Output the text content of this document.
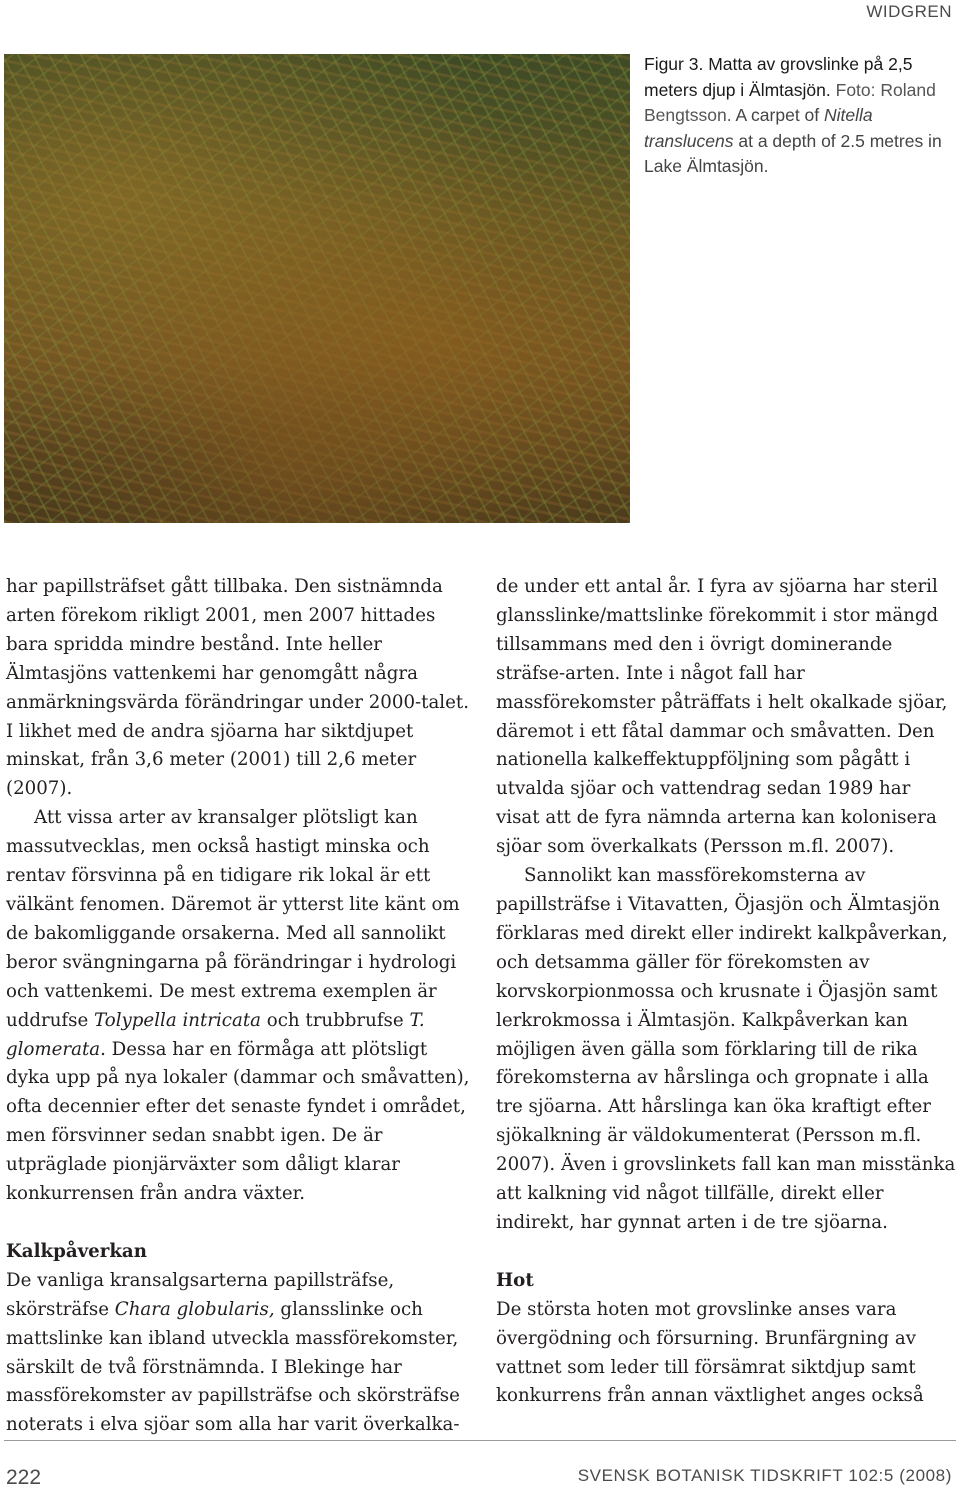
WIDGREN
Figur 3. Matta av grovslinke på 2,5 meters djup i Älmtasjön. Foto: Roland Bengtsson. A carpet of Nitella translucens at a depth of 2.5 metres in Lake Älmtasjön.

har papillsträfset gått tillbaka. Den sistnämnda arten förekom rikligt 2001, men 2007 hittades bara spridda mindre bestånd. Inte heller Älmtasjöns vattenkemi har genomgått några anmärkningsvärda förändringar under 2000-talet. I likhet med de andra sjöarna har siktdjupet minskat, från 3,6 meter (2001) till 2,6 meter (2007).

Att vissa arter av kransalger plötsligt kan massutvecklas, men också hastigt minska och rentav försvinna på en tidigare rik lokal är ett välkänt fenomen. Däremot är ytterst lite känt om de bakomliggande orsakerna. Med all sannolikt beror svängningarna på förändringar i hydrologi och vattenkemi. De mest extrema exemplen är uddrufse Tolypella intricata och trubbrufse T. glomerata. Dessa har en förmåga att plötsligt dyka upp på nya lokaler (dammar och småvatten), ofta decennier efter det senaste fyndet i området, men försvinner sedan snabbt igen. De är utpräglade pionjärväxter som dåligt klarar konkurrensen från andra växter.

Kalkpåverkan

De vanliga kransalgsarterna papillsträfse, skörsträfse Chara globularis, glansslinke och mattslinke kan ibland utveckla massförekomster, särskilt de två förstnämnda. I Blekinge har massförekomster av papillsträfse och skörsträfse noterats i elva sjöar som alla har varit överkalka-

de under ett antal år. I fyra av sjöarna har steril glansslinke/mattslinke förekommit i stor mängd tillsammans med den i övrigt dominerande sträfse-arten. Inte i något fall har massförekomster påträffats i helt okalkade sjöar, däremot i ett fåtal dammar och småvatten. Den nationella kalkeffektuppföljning som pågått i utvalda sjöar och vattendrag sedan 1989 har visat att de fyra nämnda arterna kan kolonisera sjöar som överkalkats (Persson m.fl. 2007).

Sannolikt kan massförekomsterna av papillsträfse i Vitavatten, Öjasjön och Älmtasjön förklaras med direkt eller indirekt kalkpåverkan, och detsamma gäller för förekomsten av korvskorpionmossa och krusnate i Öjasjön samt lerkrokmossa i Älmtasjön. Kalkpåverkan kan möjligen även gälla som förklaring till de rika förekomsterna av hårslinga och gropnate i alla tre sjöarna. Att hårslinga kan öka kraftigt efter sjökalkning är väldokumenterat (Persson m.fl. 2007). Även i grovslinkets fall kan man misstänka att kalkning vid något tillfälle, direkt eller indirekt, har gynnat arten i de tre sjöarna.

Hot

De största hoten mot grovslinke anses vara övergödning och försurning. Brunfärgning av vattnet som leder till försämrat siktdjup samt konkurrens från annan växtlighet anges också

222	SVENSK BOTANISK TIDSKRIFT 102:5 (2008)
